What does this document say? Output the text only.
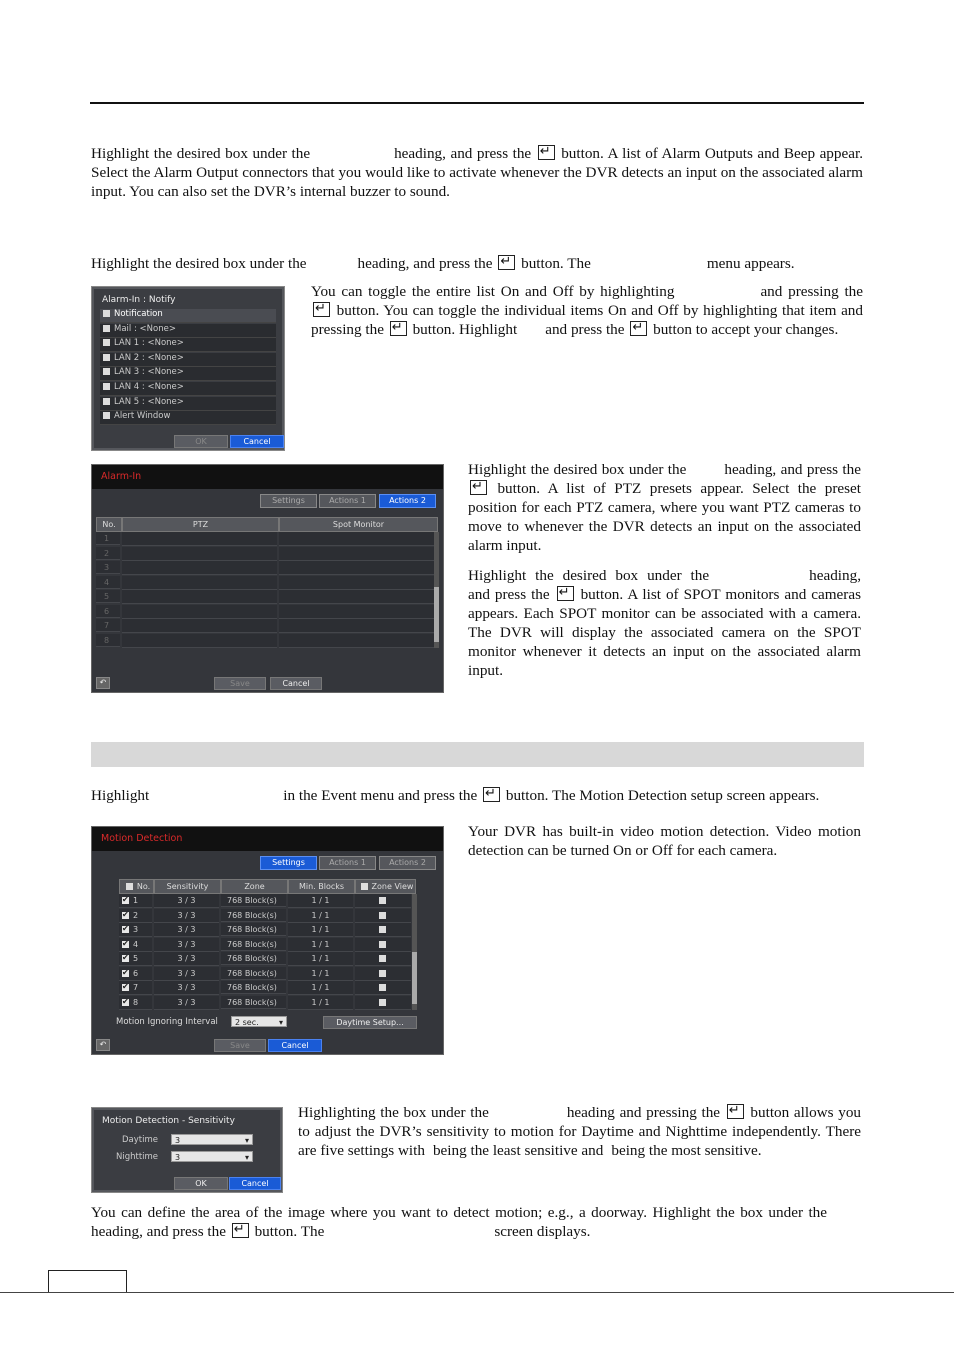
Highlight the desired box under the	heading, and press the ↵ button. A list of Alarm Outputs and Beep appear. Select the Alarm Output connectors that you would like to activate whenever the DVR detects an input on the associated alarm input. You can also set the DVR’s internal buzzer to sound.

Highlight the desired box under the	heading, and press the ↵ button. The	menu appears.

Alarm-In : Notify
Notification
Mail : <None>
LAN 1 : <None>
LAN 2 : <None>
LAN 3 : <None>
LAN 4 : <None>
LAN 5 : <None>
Alert Window
OK	Cancel

You can toggle the entire list On and Off by highlighting	and pressing the ↵ button. You can toggle the individual items On and Off by highlighting that item and pressing the ↵ button. Highlight and press the ↵ button to accept your changes.

Alarm-In
Settings	Actions 1	Actions 2
No.	PTZ	Spot Monitor
1
2
3
4
5
6
7
8
↶	Save	Cancel

Highlight the desired box under the	heading, and press the ↵ button. A list of PTZ presets appear. Select the preset position for each PTZ camera, where you want PTZ cameras to move to whenever the DVR detects an input on the associated alarm input.

Highlight the desired box under the	heading, and press the ↵ button. A list of SPOT monitors and cameras appears. Each SPOT monitor can be associated with a camera. The DVR will display the associated camera on the SPOT monitor whenever it detects an input on the associated alarm input.

Highlight	in the Event menu and press the ↵ button. The Motion Detection setup screen appears.

Motion Detection
Settings	Actions 1	Actions 2
No.	Sensitivity	Zone	Min. Blocks	Zone View
✔1	3 / 3	768 Block(s)	1 / 1
✔2	3 / 3	768 Block(s)	1 / 1
✔3	3 / 3	768 Block(s)	1 / 1
✔4	3 / 3	768 Block(s)	1 / 1
✔5	3 / 3	768 Block(s)	1 / 1
✔6	3 / 3	768 Block(s)	1 / 1
✔7	3 / 3	768 Block(s)	1 / 1
✔8	3 / 3	768 Block(s)	1 / 1
Motion Ignoring Interval	2 sec. ▾	Daytime Setup...
↶	Save	Cancel

Your DVR has built-in video motion detection. Video motion detection can be turned On or Off for each camera.

Motion Detection - Sensitivity
Daytime	3 ▾
Nighttime	3 ▾
OK	Cancel

Highlighting the box under the	heading and pressing the ↵ button allows you to adjust the DVR’s sensitivity to motion for Daytime and Nighttime independently. There are five settings with being the least sensitive and being the most sensitive.

You can define the area of the image where you want to detect motion; e.g., a doorway. Highlight the box under theheading, and press the ↵ button. The	screen displays.
